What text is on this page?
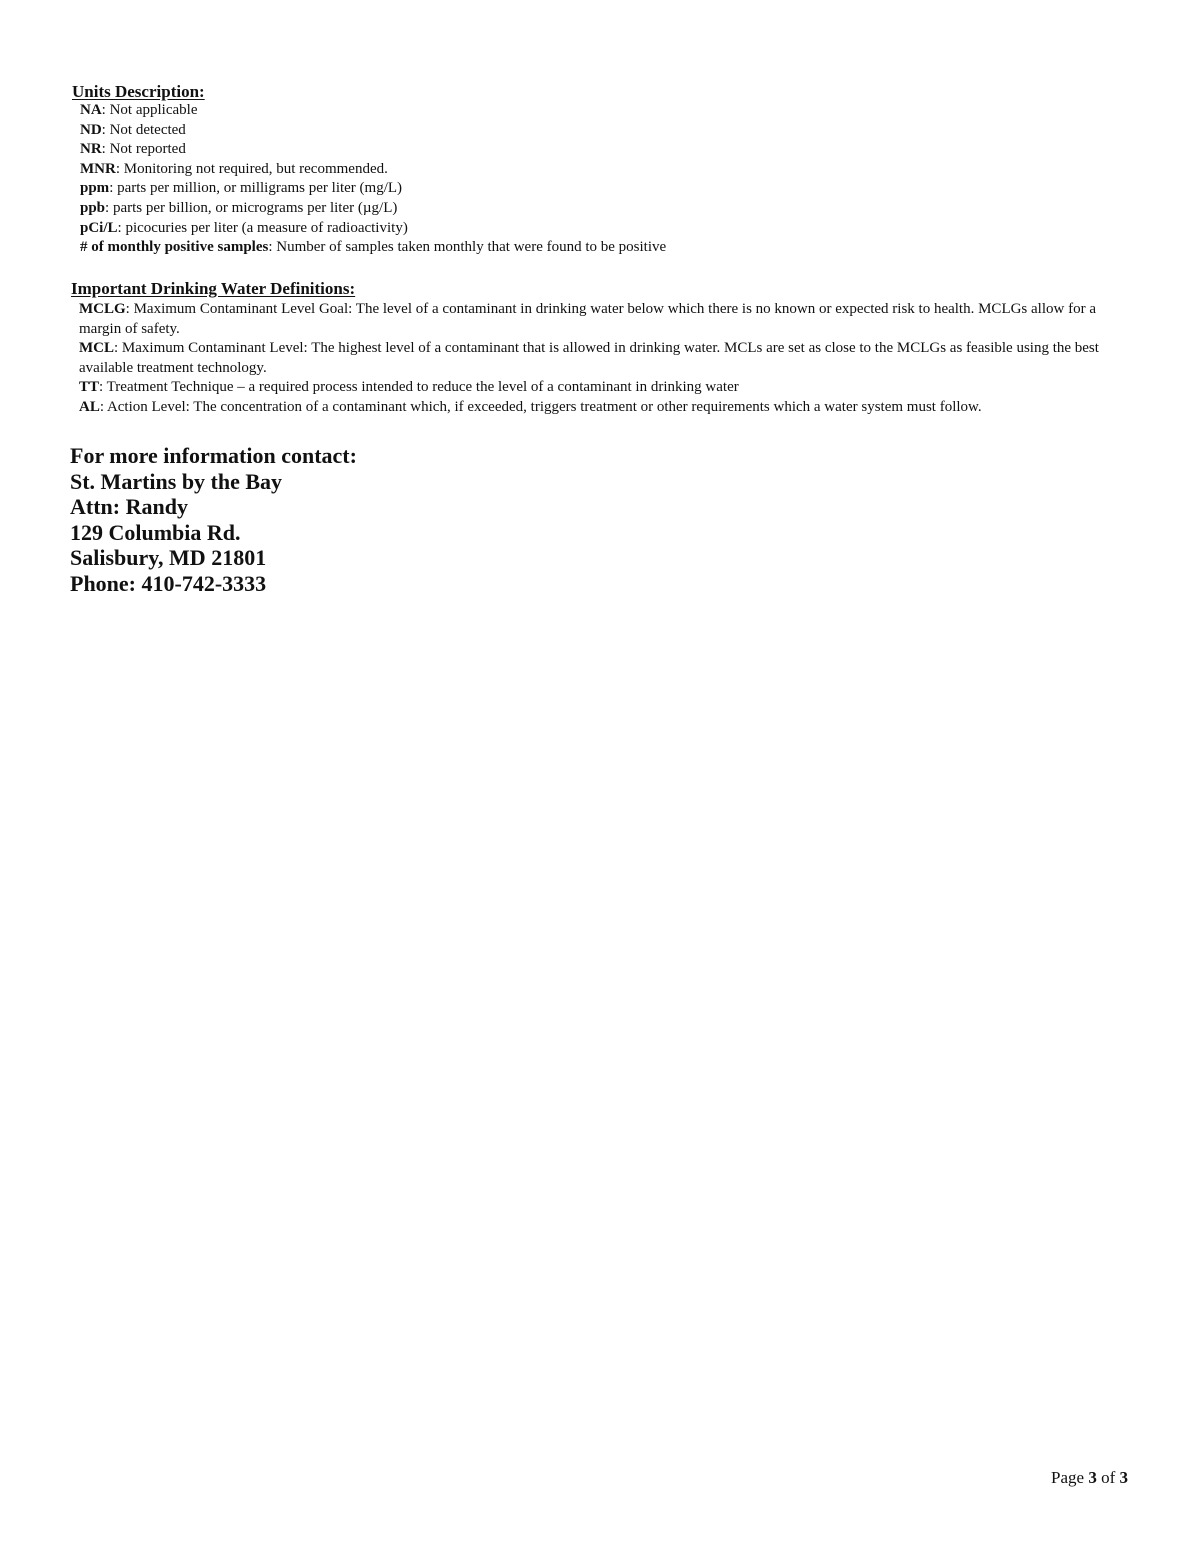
Units Description:
NA: Not applicable
ND: Not detected
NR: Not reported
MNR: Monitoring not required, but recommended.
ppm: parts per million, or milligrams per liter (mg/L)
ppb: parts per billion, or micrograms per liter (µg/L)
pCi/L: picocuries per liter (a measure of radioactivity)
# of monthly positive samples: Number of samples taken monthly that were found to be positive
Important Drinking Water Definitions:
MCLG: Maximum Contaminant Level Goal: The level of a contaminant in drinking water below which there is no known or expected risk to health. MCLGs allow for a margin of safety.
MCL: Maximum Contaminant Level: The highest level of a contaminant that is allowed in drinking water. MCLs are set as close to the MCLGs as feasible using the best available treatment technology.
TT: Treatment Technique – a required process intended to reduce the level of a contaminant in drinking water
AL: Action Level: The concentration of a contaminant which, if exceeded, triggers treatment or other requirements which a water system must follow.
For more information contact:
St. Martins by the Bay
Attn: Randy
129 Columbia Rd.
Salisbury, MD 21801
Phone: 410-742-3333
Page 3 of 3
